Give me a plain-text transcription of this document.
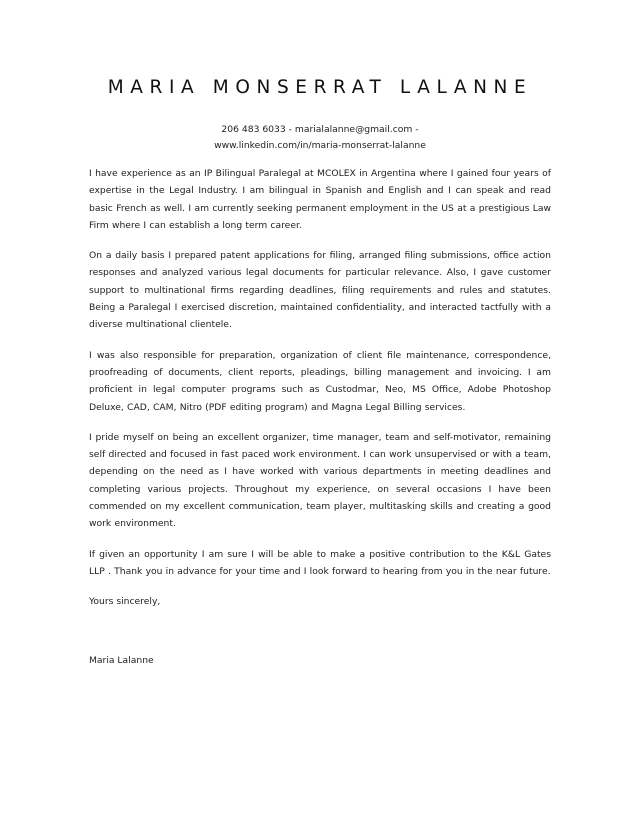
MARIA MONSERRAT LALANNE
206 483 6033 - marialalanne@gmail.com -
www.linkedin.com/in/maria-monserrat-lalanne

I have experience as an IP Bilingual Paralegal at MCOLEX in Argentina where I gained four years of expertise in the Legal Industry. I am bilingual in Spanish and English and I can speak and read basic French as well. I am currently seeking permanent employment in the US at a prestigious Law Firm where I can establish a long term career.

On a daily basis I prepared patent applications for filing, arranged filing submissions, office action responses and analyzed various legal documents for particular relevance. Also, I gave customer support to multinational firms regarding deadlines, filing requirements and rules and statutes. Being a Paralegal I exercised discretion, maintained confidentiality, and interacted tactfully with a diverse multinational clientele.

I was also responsible for preparation, organization of client file maintenance, correspondence, proofreading of documents, client reports, pleadings, billing management and invoicing. I am proficient in legal computer programs such as Custodmar, Neo, MS Office, Adobe Photoshop Deluxe, CAD, CAM, Nitro (PDF editing program) and Magna Legal Billing services.

I pride myself on being an excellent organizer, time manager, team and self-motivator, remaining self directed and focused in fast paced work environment. I can work unsupervised or with a team, depending on the need as I have worked with various departments in meeting deadlines and completing various projects. Throughout my experience, on several occasions I have been commended on my excellent communication, team player, multitasking skills and creating a good work environment.

If given an opportunity I am sure I will be able to make a positive contribution to the K&L Gates LLP . Thank you in advance for your time and I look forward to hearing from you in the near future.

Yours sincerely,

Maria Lalanne
